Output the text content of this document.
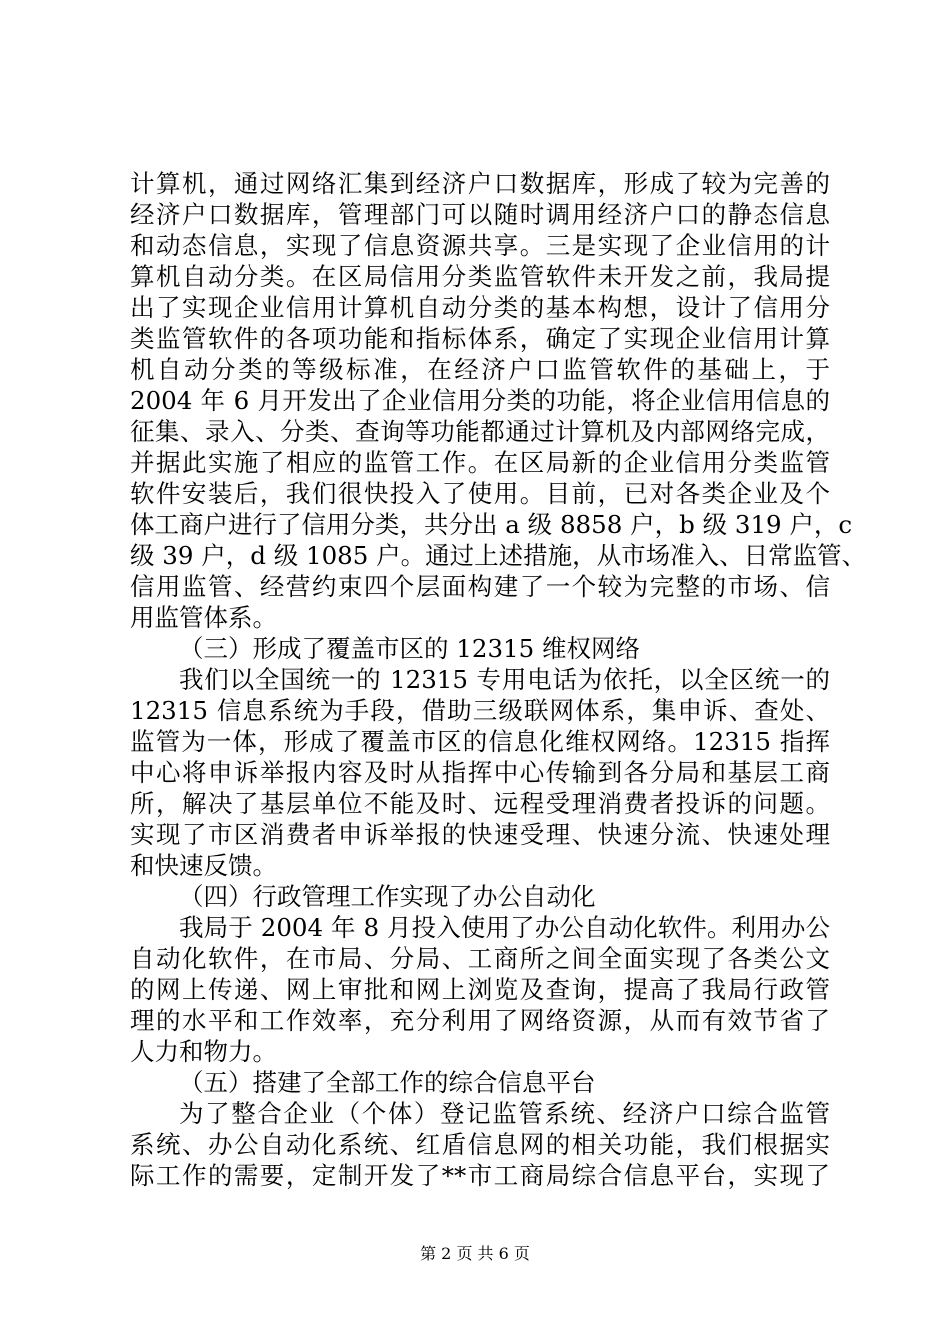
计算机，通过网络汇集到经济户口数据库，形成了较为完善的
经济户口数据库，管理部门可以随时调用经济户口的静态信息
和动态信息，实现了信息资源共享。三是实现了企业信用的计
算机自动分类。在区局信用分类监管软件未开发之前，我局提
出了实现企业信用计算机自动分类的基本构想，设计了信用分
类监管软件的各项功能和指标体系，确定了实现企业信用计算
机自动分类的等级标准，在经济户口监管软件的基础上，于
2004 年 6 月开发出了企业信用分类的功能，将企业信用信息的
征集、录入、分类、查询等功能都通过计算机及内部网络完成，
并据此实施了相应的监管工作。在区局新的企业信用分类监管
软件安装后，我们很快投入了使用。目前，已对各类企业及个
体工商户进行了信用分类，共分出 a 级 8858 户，b 级 319 户，c
级 39 户，d 级 1085 户。通过上述措施，从市场准入、日常监管、
信用监管、经营约束四个层面构建了一个较为完整的市场、信
用监管体系。
（三）形成了覆盖市区的 12315 维权网络
我们以全国统一的 12315 专用电话为依托，以全区统一的
12315 信息系统为手段，借助三级联网体系，集申诉、查处、
监管为一体，形成了覆盖市区的信息化维权网络。12315 指挥
中心将申诉举报内容及时从指挥中心传输到各分局和基层工商
所，解决了基层单位不能及时、远程受理消费者投诉的问题。
实现了市区消费者申诉举报的快速受理、快速分流、快速处理
和快速反馈。
（四）行政管理工作实现了办公自动化
我局于 2004 年 8 月投入使用了办公自动化软件。利用办公
自动化软件，在市局、分局、工商所之间全面实现了各类公文
的网上传递、网上审批和网上浏览及查询，提高了我局行政管
理的水平和工作效率，充分利用了网络资源，从而有效节省了
人力和物力。
（五）搭建了全部工作的综合信息平台
为了整合企业（个体）登记监管系统、经济户口综合监管
系统、办公自动化系统、红盾信息网的相关功能，我们根据实
际工作的需要，定制开发了**市工商局综合信息平台，实现了
第 2 页 共 6 页
